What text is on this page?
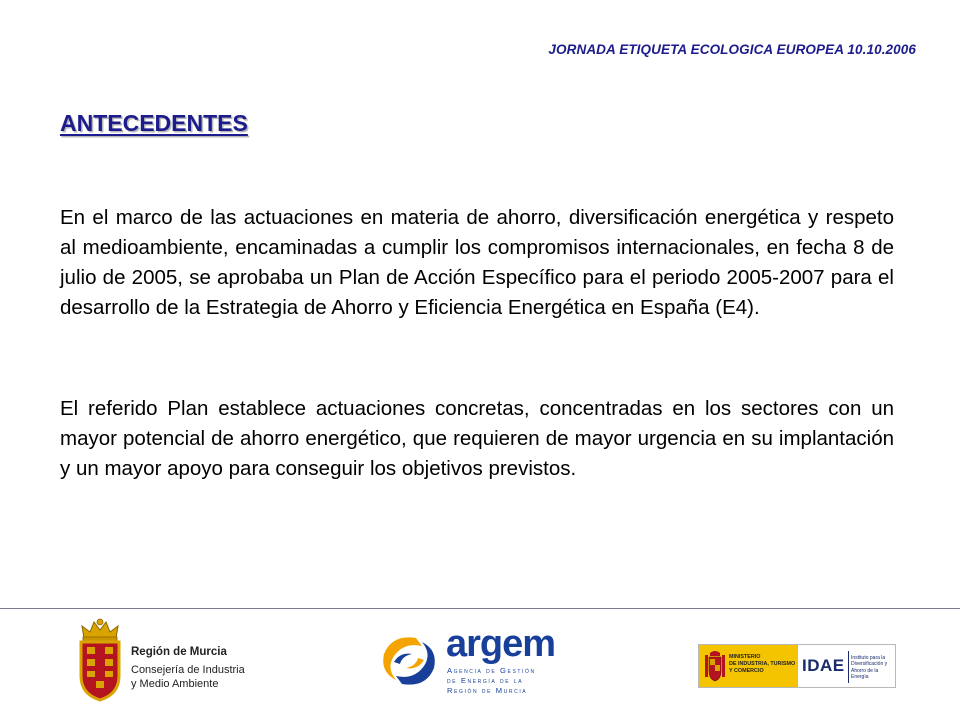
JORNADA ETIQUETA ECOLOGICA EUROPEA 10.10.2006
ANTECEDENTES

En el marco de las actuaciones en materia de ahorro, diversificación energética y respeto al medioambiente, encaminadas a cumplir los compromisos internacionales, en fecha 8 de julio de 2005, se aprobaba un Plan de Acción Específico para el periodo 2005-2007 para el desarrollo de la Estrategia de Ahorro y Eficiencia Energética en España (E4).

El referido Plan establece actuaciones concretas, concentradas en los sectores con un mayor potencial de ahorro energético, que requieren de mayor urgencia en su implantación y un mayor apoyo para conseguir los objetivos previstos.

Región de Murcia
Consejería de Industria
y Medio Ambiente
argem
Agencia de Gestión
de Energía de la
Región de Murcia
MINISTERIO
DE INDUSTRIA, TURISMO
Y COMERCIO	IDAE Instituto para la
Diversificación y
Ahorro de la Energía
